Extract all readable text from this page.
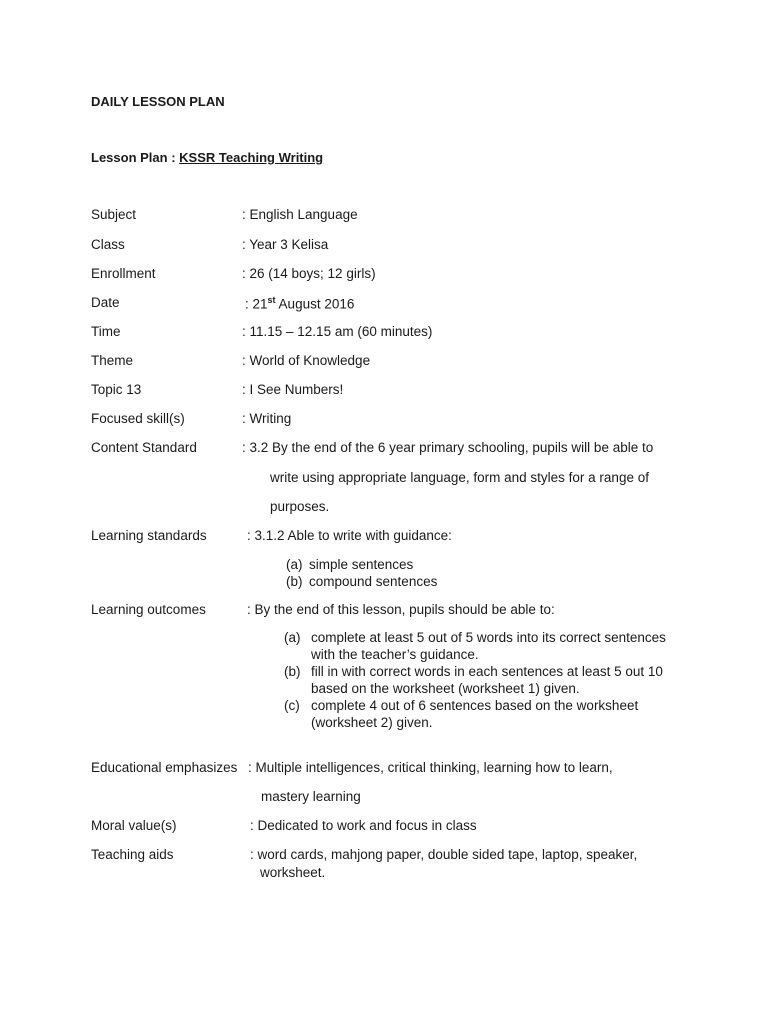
DAILY LESSON PLAN
Lesson Plan : KSSR Teaching Writing
Subject	: English Language
Class	: Year 3 Kelisa
Enrollment	: 26 (14 boys; 12 girls)
Date	: 21st August 2016
Time	: 11.15 – 12.15 am (60 minutes)
Theme	: World of Knowledge
Topic 13	: I See Numbers!
Focused skill(s)	: Writing
Content Standard	: 3.2 By the end of the 6 year primary schooling, pupils will be able to
write using appropriate language, form and styles for a range of
purposes.
Learning standards	: 3.1.2 Able to write with guidance:
(a) simple sentences
(b) compound sentences
Learning outcomes	: By the end of this lesson, pupils should be able to:
(a) complete at least 5 out of 5 words into its correct sentences
with the teacher’s guidance.
(b) fill in with correct words in each sentences at least 5 out 10
based on the worksheet (worksheet 1) given.
(c) complete 4 out of 6 sentences based on the worksheet
(worksheet 2) given.
Educational emphasizes : Multiple intelligences, critical thinking, learning how to learn,
mastery learning
Moral value(s)	: Dedicated to work and focus in class
Teaching aids	: word cards, mahjong paper, double sided tape, laptop, speaker,
worksheet.
